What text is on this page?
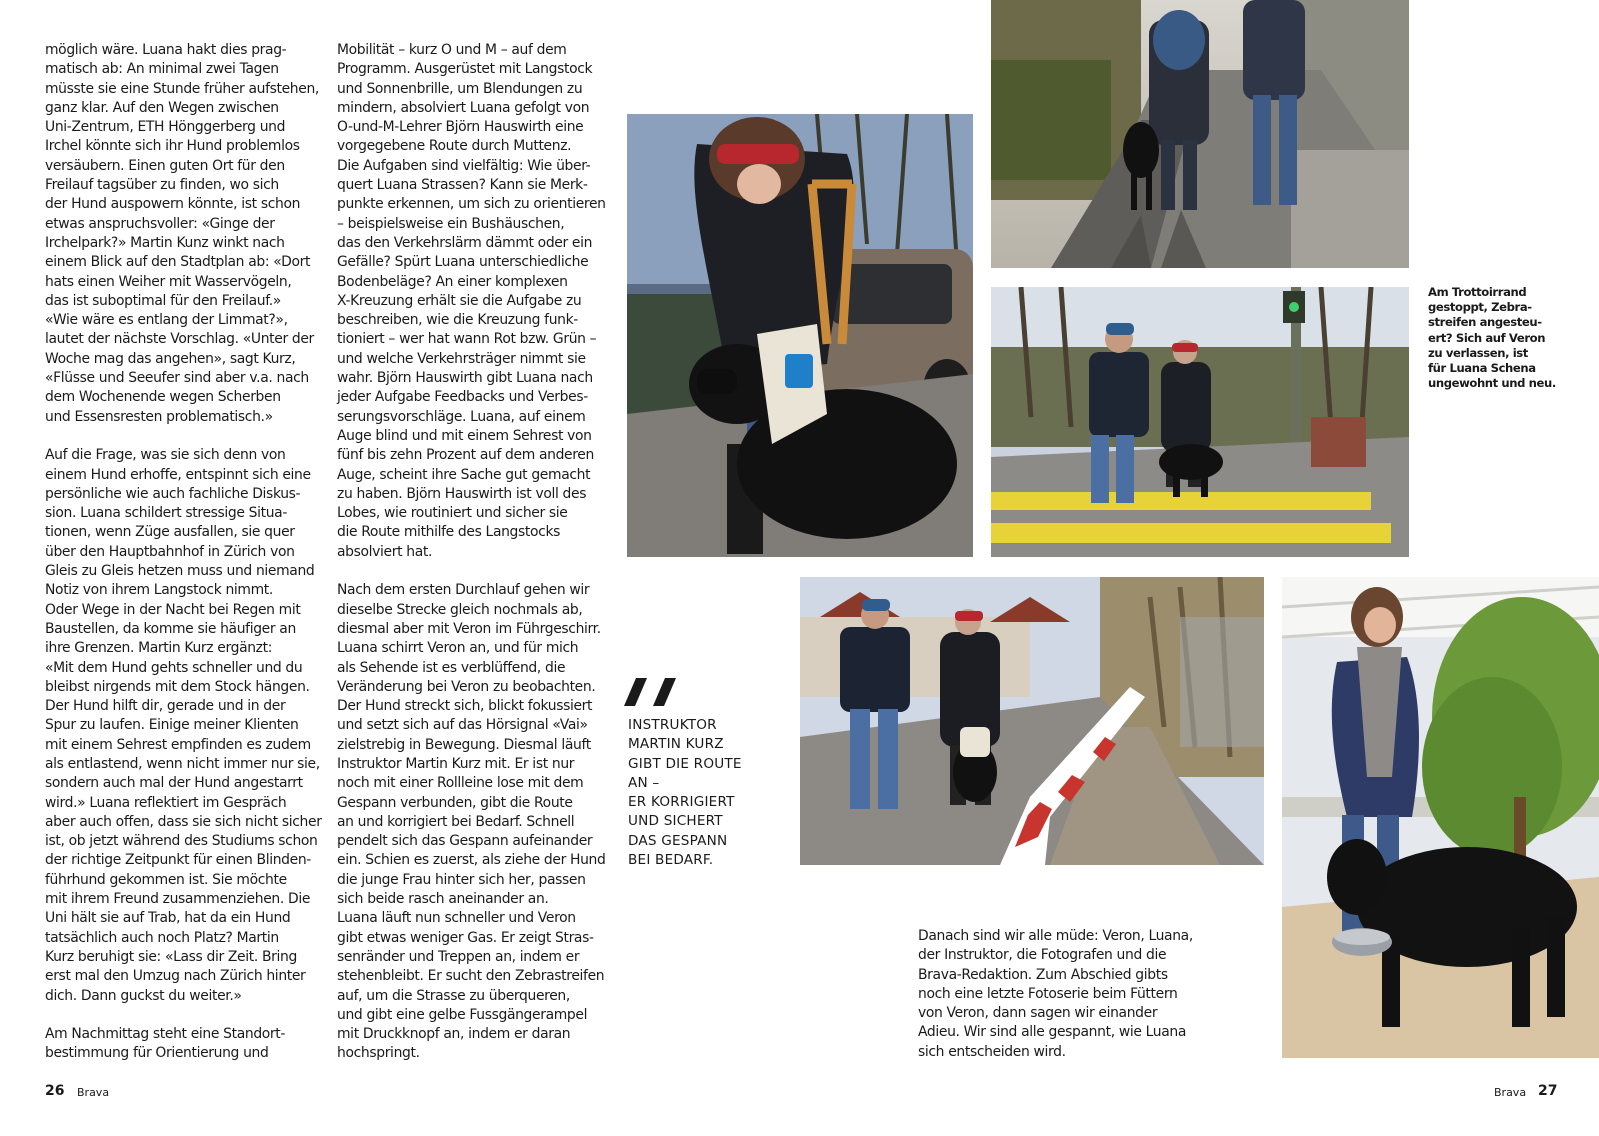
möglich wäre. Luana hakt dies prag-
matisch ab: An minimal zwei Tagen
müsste sie eine Stunde früher aufstehen,
ganz klar. Auf den Wegen zwischen
Uni-Zentrum, ETH Hönggerberg und
Irchel könnte sich ihr Hund problemlos
versäubern. Einen guten Ort für den
Freilauf tagsüber zu finden, wo sich
der Hund auspowern könnte, ist schon
etwas anspruchsvoller: «Ginge der
Irchelpark?» Martin Kunz winkt nach
einem Blick auf den Stadtplan ab: «Dort
hats einen Weiher mit Wasservögeln,
das ist suboptimal für den Freilauf.»
«Wie wäre es entlang der Limmat?»,
lautet der nächste Vorschlag. «Unter der
Woche mag das angehen», sagt Kurz,
«Flüsse und Seeufer sind aber v.a. nach
dem Wochenende wegen Scherben
und Essensresten problematisch.»

Auf die Frage, was sie sich denn von
einem Hund erhoffe, entspinnt sich eine
persönliche wie auch fachliche Diskus-
sion. Luana schildert stressige Situa-
tionen, wenn Züge ausfallen, sie quer
über den Hauptbahnhof in Zürich von
Gleis zu Gleis hetzen muss und niemand
Notiz von ihrem Langstock nimmt.
Oder Wege in der Nacht bei Regen mit
Baustellen, da komme sie häufiger an
ihre Grenzen. Martin Kurz ergänzt:
«Mit dem Hund gehts schneller und du
bleibst nirgends mit dem Stock hängen.
Der Hund hilft dir, gerade und in der
Spur zu laufen. Einige meiner Klienten
mit einem Sehrest empfinden es zudem
als entlastend, wenn nicht immer nur sie,
sondern auch mal der Hund angestarrt
wird.» Luana reflektiert im Gespräch
aber auch offen, dass sie sich nicht sicher
ist, ob jetzt während des Studiums schon
der richtige Zeitpunkt für einen Blinden-
führhund gekommen ist. Sie möchte
mit ihrem Freund zusammenziehen. Die
Uni hält sie auf Trab, hat da ein Hund
tatsächlich auch noch Platz? Martin
Kurz beruhigt sie: «Lass dir Zeit. Bring
erst mal den Umzug nach Zürich hinter
dich. Dann guckst du weiter.»

Am Nachmittag steht eine Standort-
bestimmung für Orientierung und

Mobilität – kurz O und M – auf dem
Programm. Ausgerüstet mit Langstock
und Sonnenbrille, um Blendungen zu
mindern, absolviert Luana gefolgt von
O-und-M-Lehrer Björn Hauswirth eine
vorgegebene Route durch Muttenz.
Die Aufgaben sind vielfältig: Wie über-
quert Luana Strassen? Kann sie Merk-
punkte erkennen, um sich zu orientieren
– beispielsweise ein Bushäuschen,
das den Verkehrslärm dämmt oder ein
Gefälle? Spürt Luana unterschiedliche
Bodenbeläge? An einer komplexen
X-Kreuzung erhält sie die Aufgabe zu
beschreiben, wie die Kreuzung funk-
tioniert – wer hat wann Rot bzw. Grün –
und welche Verkehrsträger nimmt sie
wahr. Björn Hauswirth gibt Luana nach
jeder Aufgabe Feedbacks und Verbes-
serungsvorschläge. Luana, auf einem
Auge blind und mit einem Sehrest von
fünf bis zehn Prozent auf dem anderen
Auge, scheint ihre Sache gut gemacht
zu haben. Björn Hauswirth ist voll des
Lobes, wie routiniert und sicher sie
die Route mithilfe des Langstocks
absolviert hat.

Nach dem ersten Durchlauf gehen wir
dieselbe Strecke gleich nochmals ab,
diesmal aber mit Veron im Führgeschirr.
Luana schirrt Veron an, und für mich
als Sehende ist es verblüffend, die
Veränderung bei Veron zu beobachten.
Der Hund streckt sich, blickt fokussiert
und setzt sich auf das Hörsignal «Vai»
zielstrebig in Bewegung. Diesmal läuft
Instruktor Martin Kurz mit. Er ist nur
noch mit einer Rollleine lose mit dem
Gespann verbunden, gibt die Route
an und korrigiert bei Bedarf. Schnell
pendelt sich das Gespann aufeinander
ein. Schien es zuerst, als ziehe der Hund
die junge Frau hinter sich her, passen
sich beide rasch aneinander an.
Luana läuft nun schneller und Veron
gibt etwas weniger Gas. Er zeigt Stras-
senränder und Treppen an, indem er
stehenbleibt. Er sucht den Zebrastreifen
auf, um die Strasse zu überqueren,
und gibt eine gelbe Fussgängerampel
mit Druckknopf an, indem er daran
hochspringt.

Danach sind wir alle müde: Veron, Luana,
der Instruktor, die Fotografen und die
Brava-Redaktion. Zum Abschied gibts
noch eine letzte Fotoserie beim Füttern
von Veron, dann sagen wir einander
Adieu. Wir sind alle gespannt, wie Luana
sich entscheiden wird.

Am Trottoirrand
gestoppt, Zebra-
streifen angesteu-
ert? Sich auf Veron
zu verlassen, ist
für Luana Schena
ungewohnt und neu.

INSTRUKTOR
MARTIN KURZ
GIBT DIE ROUTE
AN –
ER KORRIGIERT
UND SICHERT
DAS GESPANN
BEI BEDARF.

26 Brava	Brava 27
